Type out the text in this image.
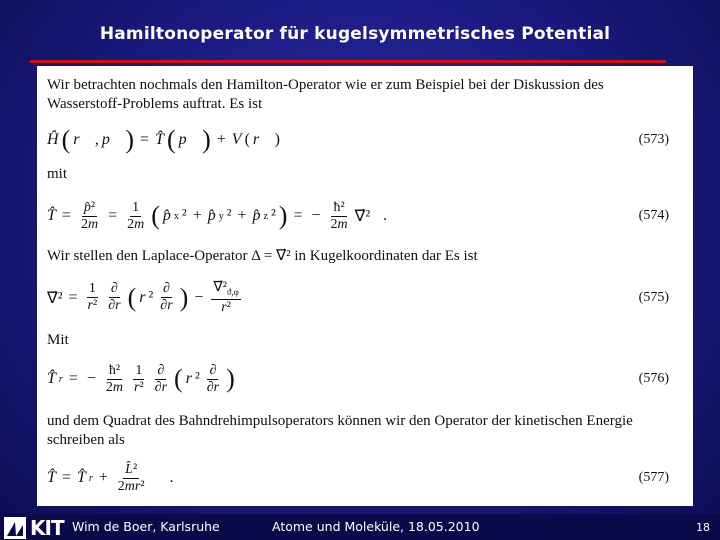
Hamiltonoperator für kugelsymmetrisches Potential
Wir betrachten nochmals den Hamilton-Operator wie er zum Beispiel bei der Diskussion des Wasserstoff-Problems auftrat. Es ist
Ĥ ( r⃗ , p⃗ ) = T̂ ( p⃗ ) + V ( r⃗ )	(573)
mit
T̂ = $\frac{\text{p̂²}}{2m} = \frac{1}{2m}$ ( p̂ x ² + p̂ y ² + p̂ z ² ) = − $\frac{\text{ħ²}}{2m}$ ∇⃗² .	(574)
Wir stellen den Laplace-Operator Δ = ∇⃗² in Kugelkoordinaten dar Es ist
∇⃗² = $\frac{1}{\text{r²}} \frac{\partial}{\partial r}$ ( r $^2 \frac{\partial}{\partial r}$ ) − $\frac{\nabla⃗^2_{ϑ,\varphi}}{\text{r²}}$	(575)
Mit
T̂ r = − $\frac{\text{ħ²}}{2m} \frac{1}{\text{r²}} \frac{\partial}{\partial r}$ ( r $^2 \frac{\partial}{\partial r}$ )	(576)
und dem Quadrat des Bahndrehimpulsoperators können wir den Operator der kinetischen Energie schreiben als
T̂ = T̂ $r + \frac{\text{L̂²}}{\text{2mr²}}$ .	(577)
KIT Wim de Boer, Karlsruhe	Atome und Moleküle, 18.05.2010	18
